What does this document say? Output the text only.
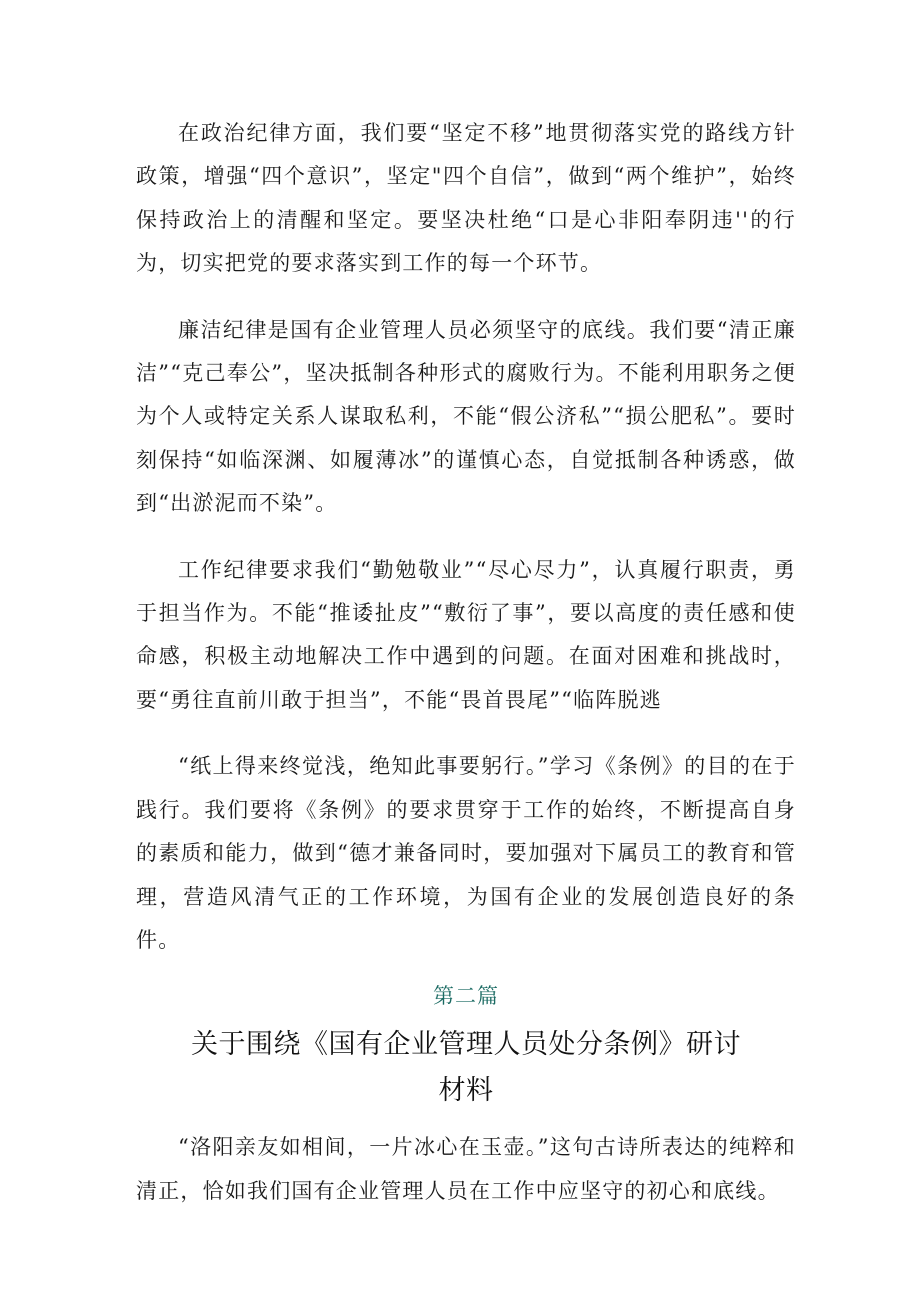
在政治纪律方面，我们要“坚定不移”地贯彻落实党的路线方针政策，增强“四个意识”，坚定"四个自信”，做到“两个维护”，始终保持政治上的清醒和坚定。要坚决杜绝“口是心非阳奉阴违''的行为，切实把党的要求落实到工作的每一个环节。

廉洁纪律是国有企业管理人员必须坚守的底线。我们要“清正廉洁”“克己奉公”，坚决抵制各种形式的腐败行为。不能利用职务之便为个人或特定关系人谋取私利，不能“假公济私”“损公肥私”。要时刻保持“如临深渊、如履薄冰”的谨慎心态，自觉抵制各种诱惑，做到“出淤泥而不染”。

工作纪律要求我们“勤勉敬业”“尽心尽力”，认真履行职责，勇于担当作为。不能“推诿扯皮”“敷衍了事”，要以高度的责任感和使命感，积极主动地解决工作中遇到的问题。在面对困难和挑战时，要“勇往直前川敢于担当”，不能“畏首畏尾”“临阵脱逃

“纸上得来终觉浅，绝知此事要躬行。”学习《条例》的目的在于践行。我们要将《条例》的要求贯穿于工作的始终，不断提高自身的素质和能力，做到“德才兼备同时，要加强对下属员工的教育和管理，营造风清气正的工作环境，为国有企业的发展创造良好的条件。

第二篇
关于围绕《国有企业管理人员处分条例》研讨
材料

“洛阳亲友如相间，一片冰心在玉壶。”这句古诗所表达的纯粹和清正，恰如我们国有企业管理人员在工作中应坚守的初心和底线。
